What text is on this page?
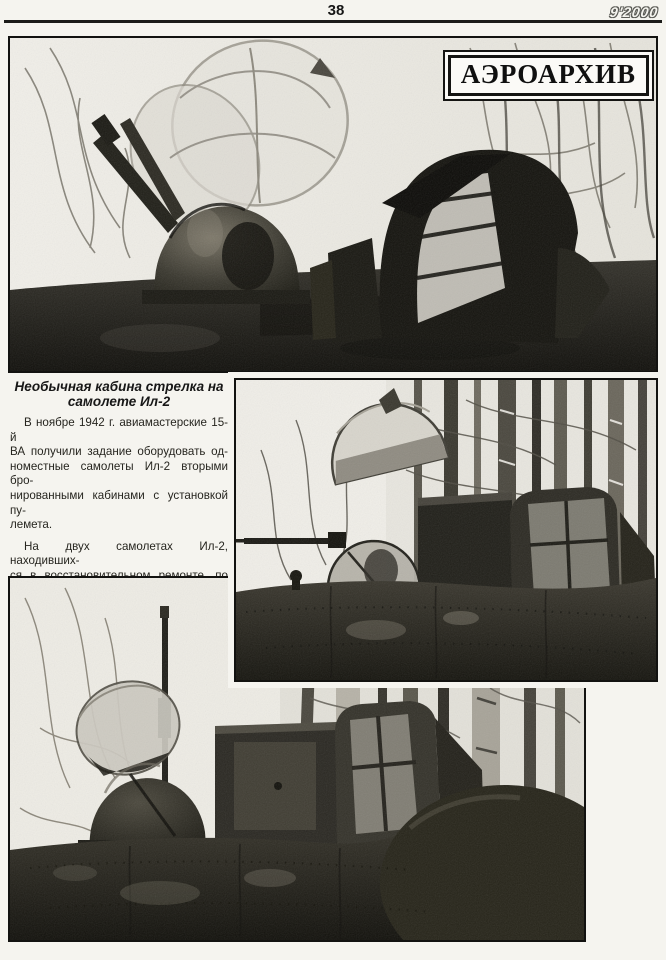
АВИАЦИЯ и КОСМОНАВТИКА	38	9'2000
АЭРОАРХИВ
Необычная кабина стрелка на
самолете Ил-2
В ноябре 1942 г. авиамастерские 15-й
ВА получили задание оборудовать од-
номестные самолеты Ил-2 вторыми бро-
нированными кабинами с установкой пу-
лемета.
На двух самолетах Ил-2, находивших-
